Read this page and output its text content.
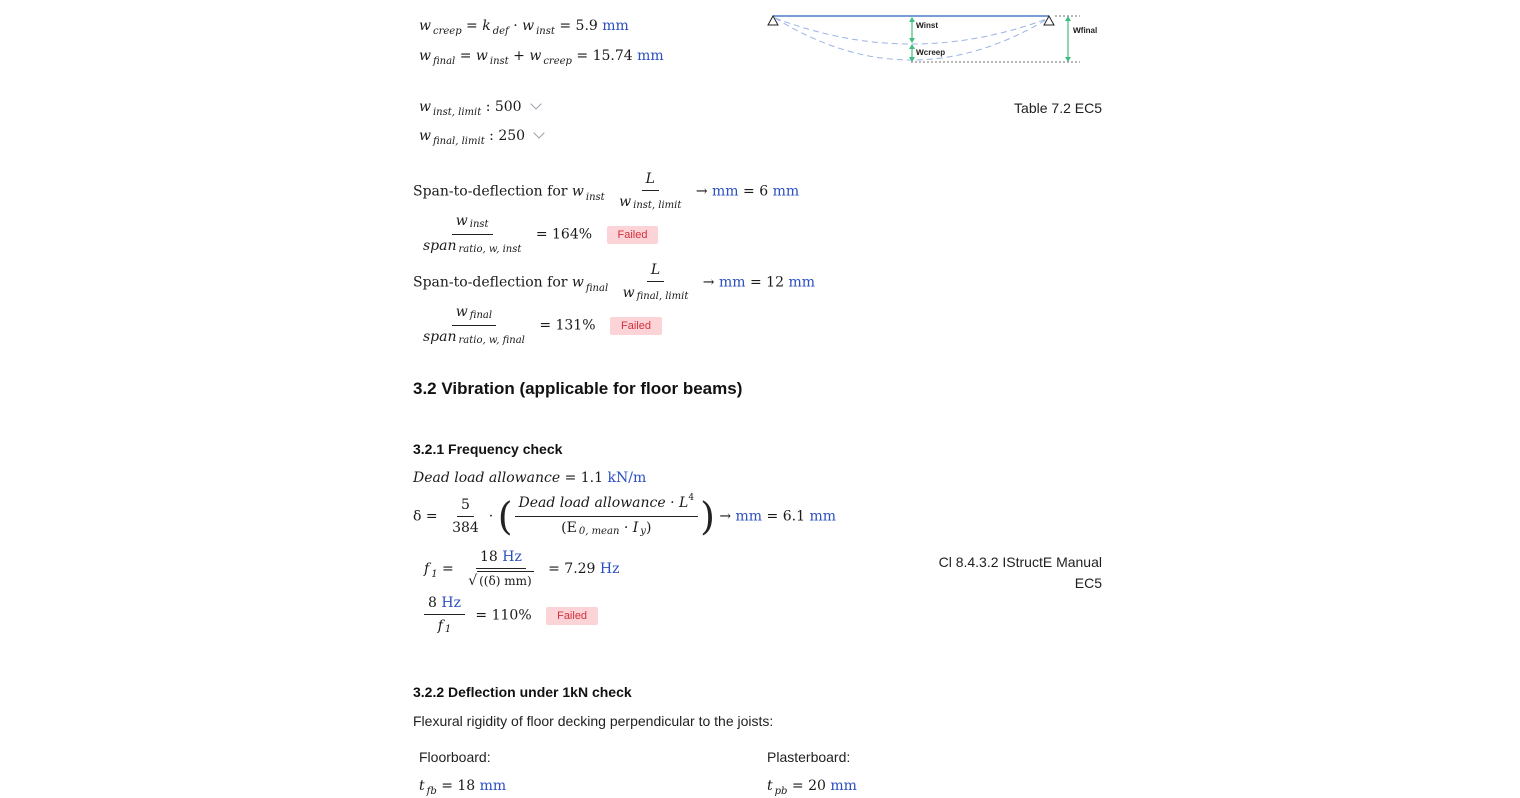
winst
wcreep
wfinal
w $_{creep}$ = k $_{def}$ · w $_{inst}$ = 5.9 mm
w $_{final}$ = w $_{inst}$ + w $_{creep}$ = 15.74 mm
w $_{inst, limit}$ : 500
w $_{final, limit}$ : 250
Table 7.2 EC5
Span-to-deflection for w $_{inst} \frac{L}{\text{w inst, limit}}$ → mm = 6 mm
$\frac{\text{w inst}}{\text{span ratio, w, inst}} = 164\%$ Failed
Span-to-deflection for w $_{final} \frac{L}{\text{w final, limit}}$ → mm = 12 mm
$\frac{\text{w final}}{\text{span ratio, w, final}} = 131\%$ Failed
3.2 Vibration (applicable for floor beams)
3.2.1 Frequency check
Dead load allowance = 1.1 kN/m
$\delta = \frac{5}{384}$ · ( $\frac{Dead load allowance \cdot L^4}{\text{(E 0, mean · I y)}}$ ) → mm = 6.1 mm
f $_1 = \frac{18 Hz}{√ ((\delta) mm)} = 7.29$ Hz
$\frac{8 Hz}{f 1} = 110\%$ Failed
Cl 8.4.3.2 IStructE Manual
EC5
3.2.2 Deflection under 1kN check
Flexural rigidity of floor decking perpendicular to the joists:
Floorboard:
t $_{fb}$ = 18 mm
Plasterboard:
t $_{pb}$ = 20 mm
